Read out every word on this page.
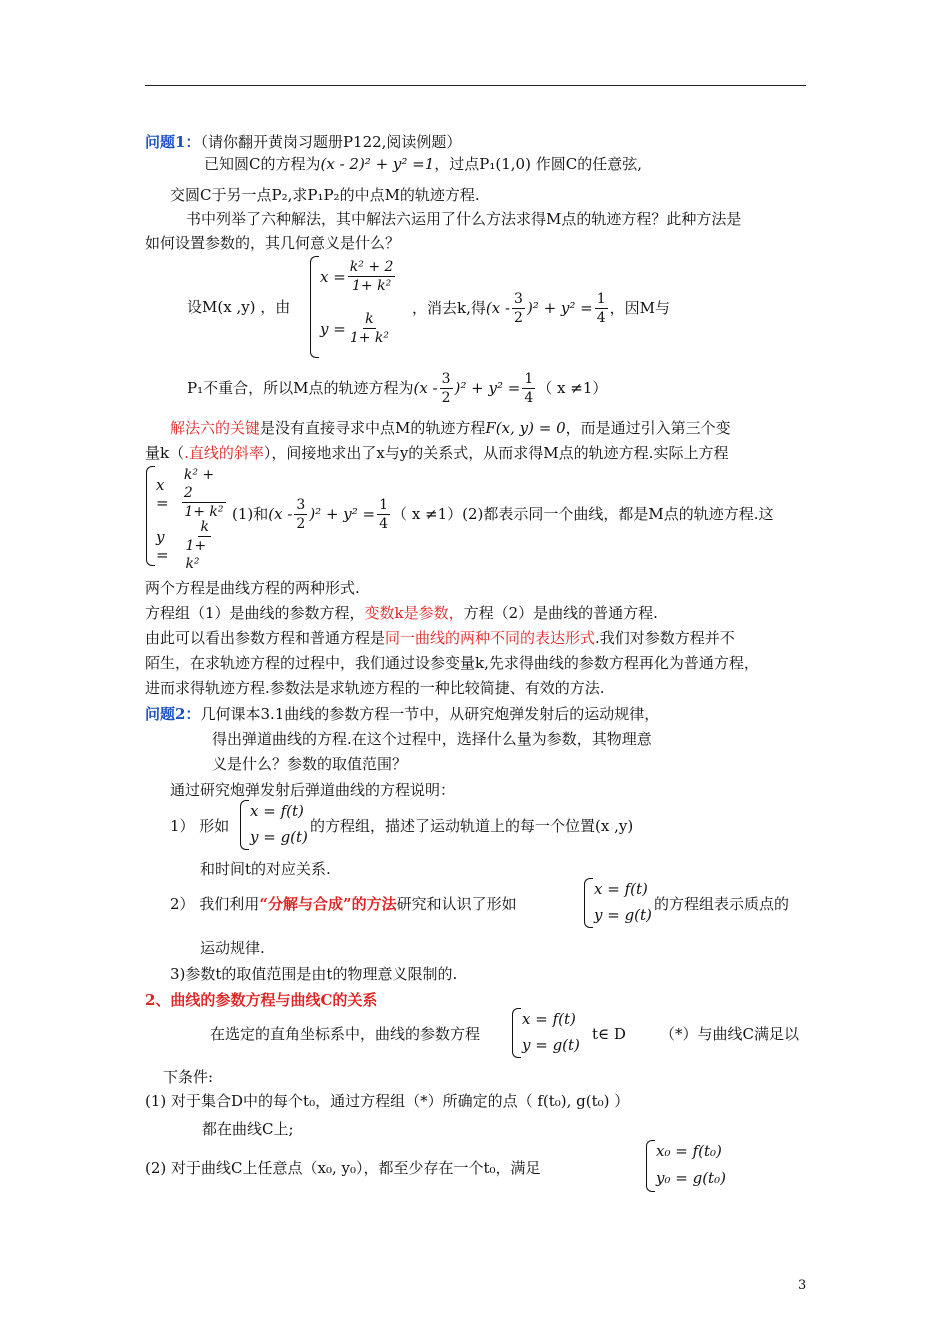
问题1：（请你翻开黄岗习题册P122,阅读例题）
已知圆C的方程为(x - 2)² + y² =1，过点P₁(1,0) 作圆C的任意弦,
交圆C于另一点P₂,求P₁P₂的中点M的轨迹方程.
书中列举了六种解法，其中解法六运用了什么方法求得M点的轨迹方程？此种方法是
如何设置参数的，其几何意义是什么？
设M(x ,y) ，由
$x = \frac{\text{k² + 2}}{\text{1+ k²}}$
$y = \frac{k}{\text{1+ k²}}$
，消去k,得 $(x - \frac{3}{2} )^2 + y^2 = \frac{1}{4}$ ，因M与
P₁不重合，所以M点的轨迹方程为 $(x - \frac{3}{2} )^2 + y^2 = \frac{1}{4}$ （ x ≠1）
解法六的关键是没有直接寻求中点M的轨迹方程F(x, y) = 0，而是通过引入第三个变
量k（.直线的斜率），间接地求出了x与y的关系式，从而求得M点的轨迹方程.实际上方程
$x = \frac{\text{k² + 2}}{\text{1+ k²}}$
y =	$\frac{k}{\text{1+ k²}}$
(1)和 $(x - \frac{3}{2} )^2 + y^2 = \frac{1}{4}$ （ x ≠1）(2)都表示同一个曲线，都是M点的轨迹方程.这
两个方程是曲线方程的两种形式.
方程组（1）是曲线的参数方程，变数k是参数，方程（2）是曲线的普通方程.
由此可以看出参数方程和普通方程是同一曲线的两种不同的表达形式.我们对参数方程并不
陌生，在求轨迹方程的过程中，我们通过设参变量k,先求得曲线的参数方程再化为普通方程，
进而求得轨迹方程.参数法是求轨迹方程的一种比较简捷、有效的方法.
问题2：几何课本3.1曲线的参数方程一节中，从研究炮弹发射后的运动规律，
得出弹道曲线的方程.在这个过程中，选择什么量为参数，其物理意
义是什么？参数的取值范围？
通过研究炮弹发射后弹道曲线的方程说明：
1） 形如
x = f(t)
y = g(t)
的方程组，描述了运动轨道上的每一个位置(x ,y)
和时间t的对应关系.
2） 我们利用“分解与合成”的方法研究和认识了形如
x = f(t)
y = g(t)
的方程组表示质点的
运动规律.
3)参数t的取值范围是由t的物理意义限制的.
2、曲线的参数方程与曲线C的关系
在选定的直角坐标系中，曲线的参数方程
x = f(t)
y = g(t)
t∈ D （*）与曲线C满足以
下条件:
(1) 对于集合D中的每个t₀，通过方程组（*）所确定的点（ f(t₀), g(t₀) ）
都在曲线C上;
(2) 对于曲线C上任意点（x₀, y₀），都至少存在一个t₀，满足
x₀ = f(t₀)
y₀ = g(t₀)
3
